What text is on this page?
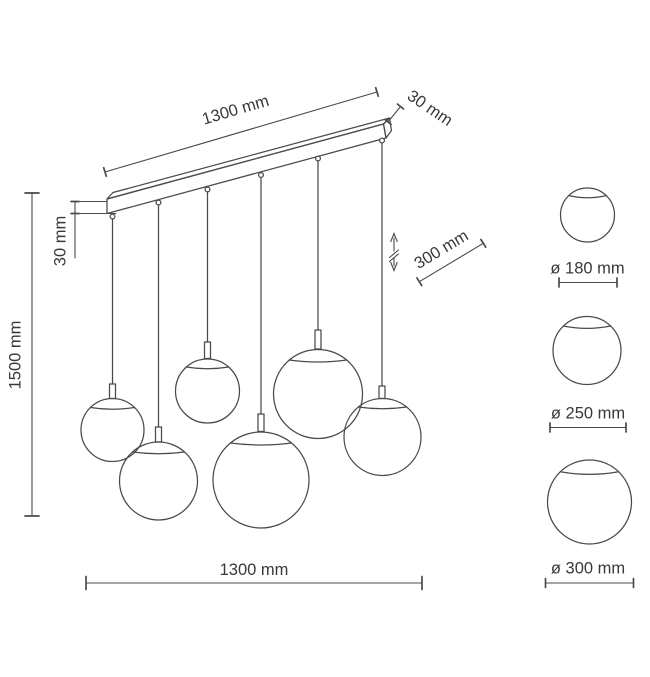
1300 mm	30 mm
30 mm
1500 mm
300 mm
1300 mm
ø 180 mm
ø 250 mm
ø 300 mm
